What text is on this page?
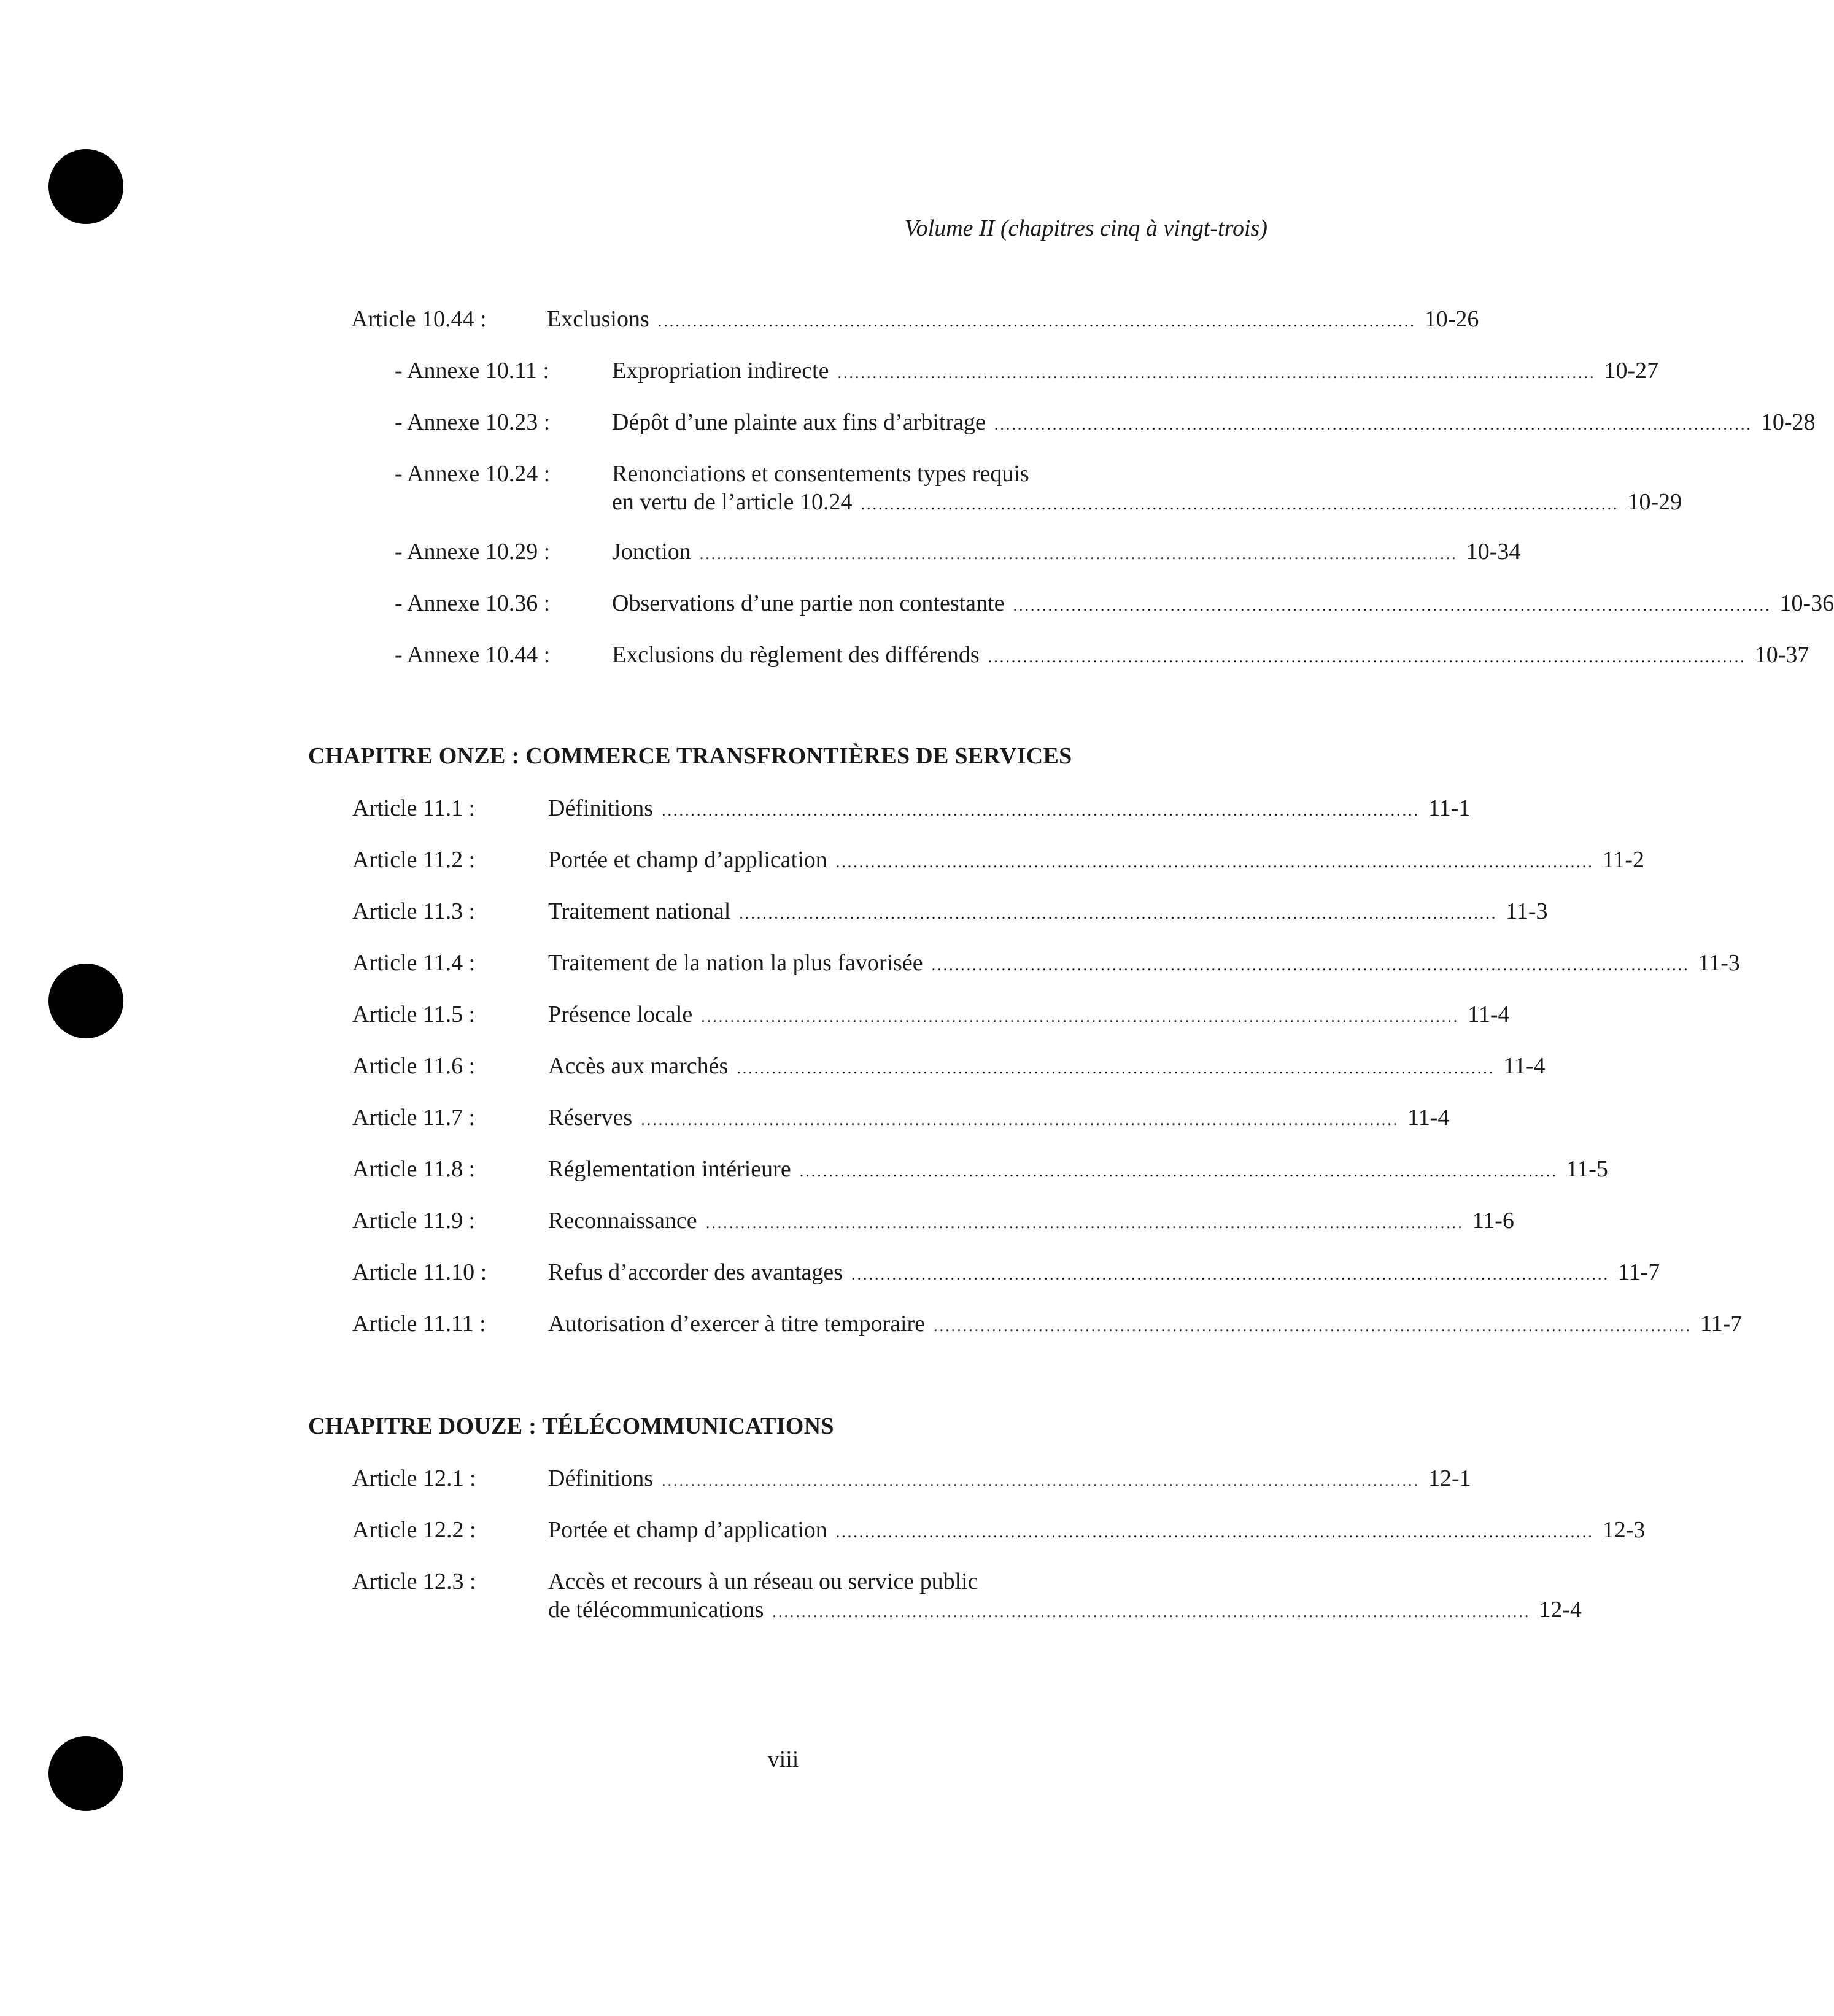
Volume II (chapitres cinq à vingt-trois)
Article 10.44 :	Exclusions .................................................................................................................................. 10-26
- Annexe 10.11 :	Expropriation indirecte .................................................................................................................................. 10-27
- Annexe 10.23 :	Dépôt d’une plainte aux fins d’arbitrage .................................................................................................................................. 10-28
- Annexe 10.24 :	Renonciations et consentements types requis
en vertu de l’article 10.24 .................................................................................................................................. 10-29
- Annexe 10.29 :	Jonction .................................................................................................................................. 10-34
- Annexe 10.36 :	Observations d’une partie non contestante .................................................................................................................................. 10-36
- Annexe 10.44 :	Exclusions du règlement des différends .................................................................................................................................. 10-37
CHAPITRE ONZE : COMMERCE TRANSFRONTIÈRES DE SERVICES
Article 11.1 :	Définitions .................................................................................................................................. 11-1
Article 11.2 :	Portée et champ d’application .................................................................................................................................. 11-2
Article 11.3 :	Traitement national .................................................................................................................................. 11-3
Article 11.4 :	Traitement de la nation la plus favorisée .................................................................................................................................. 11-3
Article 11.5 :	Présence locale .................................................................................................................................. 11-4
Article 11.6 :	Accès aux marchés .................................................................................................................................. 11-4
Article 11.7 :	Réserves .................................................................................................................................. 11-4
Article 11.8 :	Réglementation intérieure .................................................................................................................................. 11-5
Article 11.9 :	Reconnaissance .................................................................................................................................. 11-6
Article 11.10 :	Refus d’accorder des avantages .................................................................................................................................. 11-7
Article 11.11 :	Autorisation d’exercer à titre temporaire .................................................................................................................................. 11-7
CHAPITRE DOUZE : TÉLÉCOMMUNICATIONS
Article 12.1 :	Définitions .................................................................................................................................. 12-1
Article 12.2 :	Portée et champ d’application .................................................................................................................................. 12-3
Article 12.3 :	Accès et recours à un réseau ou service public
de télécommunications .................................................................................................................................. 12-4
viii
